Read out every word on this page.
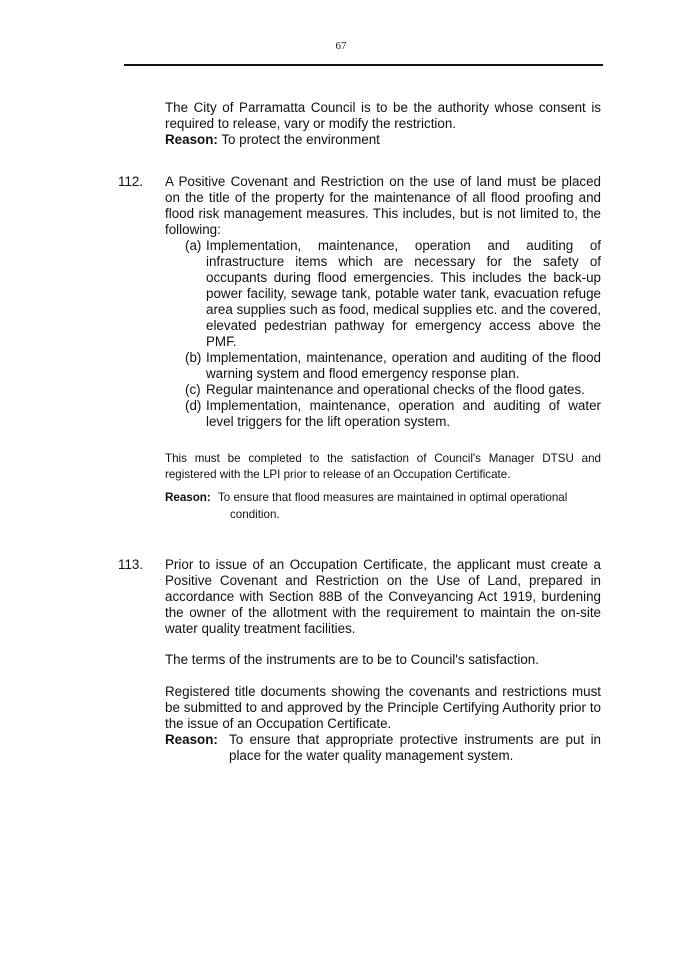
67

The City of Parramatta Council is to be the authority whose consent is required to release, vary or modify the restriction.

Reason: To protect the environment

112. A Positive Covenant and Restriction on the use of land must be placed on the title of the property for the maintenance of all flood proofing and flood risk management measures. This includes, but is not limited to, the following:

(a) Implementation, maintenance, operation and auditing of infrastructure items which are necessary for the safety of occupants during flood emergencies. This includes the back-up power facility, sewage tank, potable water tank, evacuation refuge area supplies such as food, medical supplies etc. and the covered, elevated pedestrian pathway for emergency access above the PMF.
(b) Implementation, maintenance, operation and auditing of the flood warning system and flood emergency response plan.
(c) Regular maintenance and operational checks of the flood gates.
(d) Implementation, maintenance, operation and auditing of water level triggers for the lift operation system.
This must be completed to the satisfaction of Council's Manager DTSU and registered with the LPI prior to release of an Occupation Certificate.
Reason: To ensure that flood measures are maintained in optimal operational
condition.
113. Prior to issue of an Occupation Certificate, the applicant must create a Positive Covenant and Restriction on the Use of Land, prepared in accordance with Section 88B of the Conveyancing Act 1919, burdening the owner of the allotment with the requirement to maintain the on-site water quality treatment facilities.

The terms of the instruments are to be to Council's satisfaction.
Registered title documents showing the covenants and restrictions must be submitted to and approved by the Principle Certifying Authority prior to the issue of an Occupation Certificate.
Reason: To ensure that appropriate protective instruments are put in
place for the water quality management system.
